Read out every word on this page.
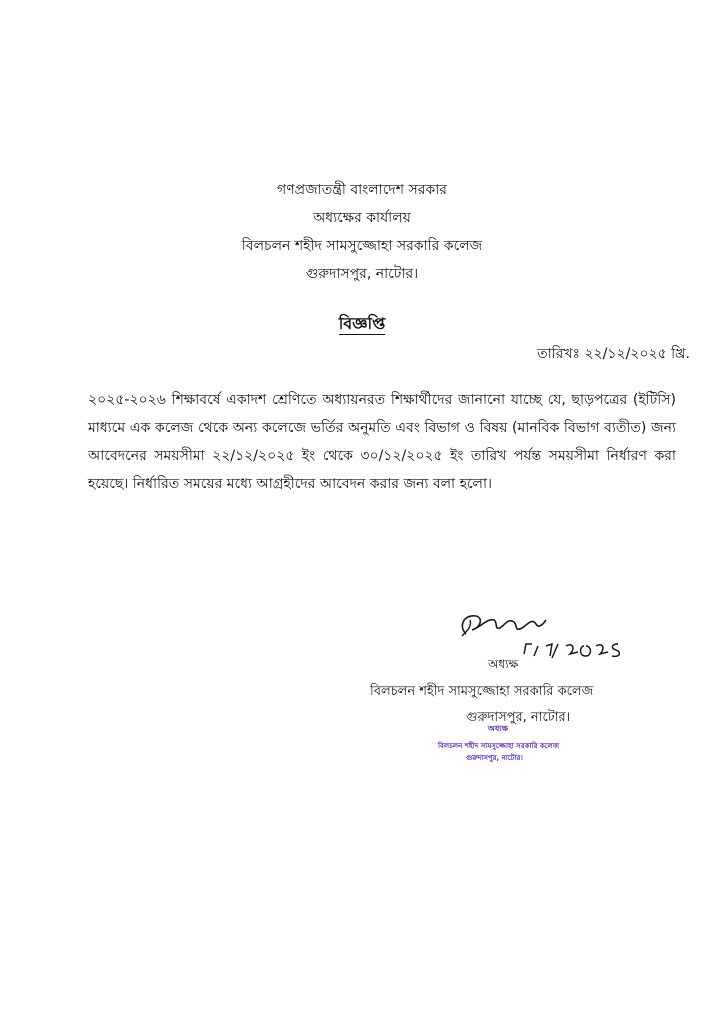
গণপ্রজাতন্ত্রী বাংলাদেশ সরকার
অধ্যক্ষের কার্যালয়
বিলচলন শহীদ সামসুজ্জোহা সরকারি কলেজ
গুরুদাসপুর, নাটোর।
বিজ্ঞপ্তি
তারিখঃ ২২/১২/২০২৫ খ্রি.
২০২৫-২০২৬ শিক্ষাবর্ষে একাদশ শ্রেণিতে অধ্যায়নরত শিক্ষার্থীদের জানানো যাচ্ছে যে, ছাড়পত্রের (ইটিসি) মাধ্যমে এক কলেজ থেকে অন্য কলেজে ভর্তির অনুমতি এবং বিভাগ ও বিষয় (মানবিক বিভাগ ব্যতীত) জন্য আবেদনের সময়সীমা ২২/১২/২০২৫ ইং থেকে ৩০/১২/২০২৫ ইং তারিখ পর্যন্ত সময়সীমা নির্ধারণ করা হয়েছে। নির্ধারিত সময়ের মধ্যে আগ্রহীদের আবেদন করার জন্য বলা হলো।
অধ্যক্ষ
বিলচলন শহীদ সামসুজ্জোহা সরকারি কলেজ
গুরুদাসপুর, নাটোর।
অধ্যক্ষ
বিলচলন শহীদ সামসুজ্জোহা সরকারি কলেজ
গুরুদাসপুর, নাটোর।
